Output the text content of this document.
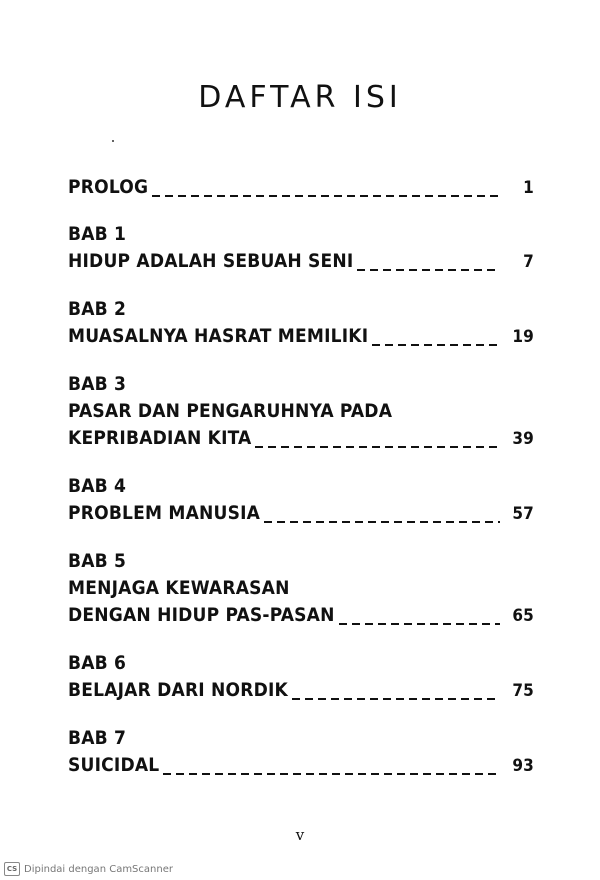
DAFTAR ISI
PROLOG	1
BAB 1
HIDUP ADALAH SEBUAH SENI	7
BAB 2
MUASALNYA HASRAT MEMILIKI	19
BAB 3
PASAR DAN PENGARUHNYA PADA
KEPRIBADIAN KITA	39
BAB 4
PROBLEM MANUSIA	57
BAB 5
MENJAGA KEWARASAN
DENGAN HIDUP PAS-PASAN	65
BAB 6
BELAJAR DARI NORDIK	75
BAB 7
SUICIDAL	93
v
CS Dipindai dengan CamScanner
